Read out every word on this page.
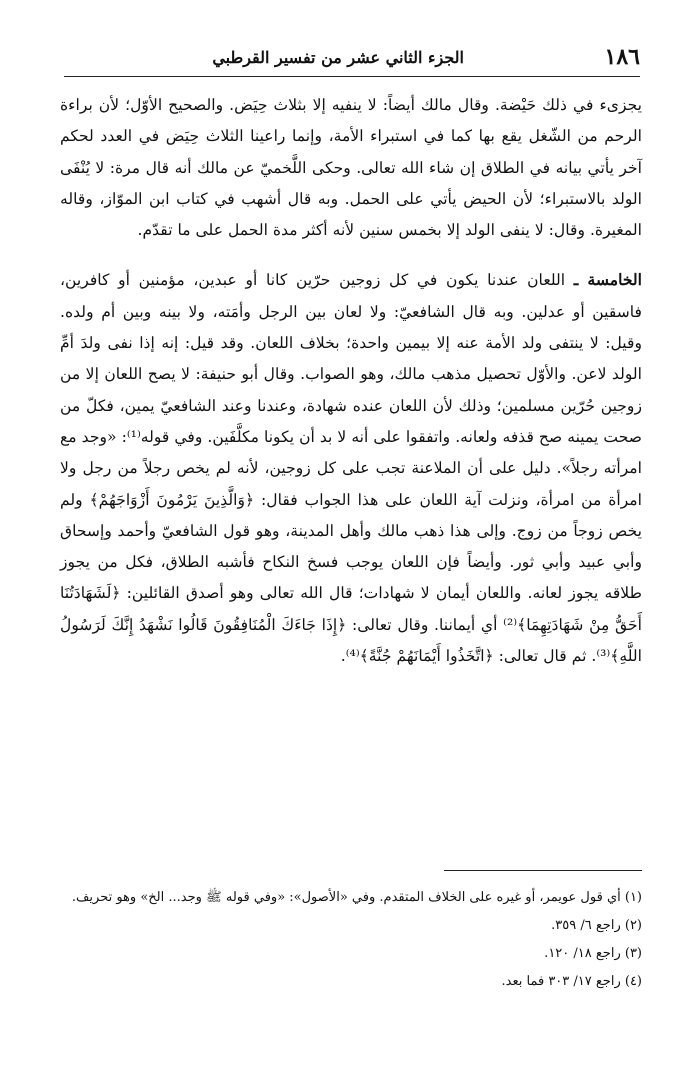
١٨٦
الجزء الثاني عشر من تفسير القرطبي

يجزىء في ذلك حَيْضة. وقال مالك أيضاً: لا ينفيه إلا بثلاث حِيَض. والصحيح الأوّل؛ لأن براءة الرحم من الشّغل يقع بها كما في استبراء الأمة، وإنما راعينا الثلاث حِيَض في العدد لحكم آخر يأتي بيانه في الطلاق إن شاء الله تعالى. وحكى اللَّخميّ عن مالك أنه قال مرة: لا يُنْفَى الولد بالاستبراء؛ لأن الحيض يأتي على الحمل. وبه قال أشهب في كتاب ابن الموّاز، وقاله المغيرة. وقال: لا ينفى الولد إلا بخمس سنين لأنه أكثر مدة الحمل على ما تقدّم.

الخامسة ـ اللعان عندنا يكون في كل زوجين حرّين كانا أو عبدين، مؤمنين أو كافرين، فاسقين أو عدلين. وبه قال الشافعيّ: ولا لعان بين الرجل وأمَته، ولا بينه وبين أم ولده. وقيل: لا ينتفى ولد الأمة عنه إلا بيمين واحدة؛ بخلاف اللعان. وقد قيل: إنه إذا نفى ولدَ أمِّ الولد لاعن. والأوّل تحصيل مذهب مالك، وهو الصواب. وقال أبو حنيفة: لا يصح اللعان إلا من زوجين حُرّين مسلمين؛ وذلك لأن اللعان عنده شهادة، وعندنا وعند الشافعيّ يمين، فكلّ من صحت يمينه صح قذفه ولعانه. واتفقوا على أنه لا بد أن يكونا مكلَّفَين. وفي قوله⁽¹⁾: «وجد مع امرأته رجلاً». دليل على أن الملاعنة تجب على كل زوجين، لأنه لم يخص رجلاً من رجل ولا امرأة من امرأة، ونزلت آية اللعان على هذا الجواب فقال: ﴿وَالَّذِينَ يَرْمُونَ أَزْوَاجَهُمْ﴾ ولم يخص زوجاً من زوج. وإلى هذا ذهب مالك وأهل المدينة، وهو قول الشافعيّ وأحمد وإسحاق وأبي عبيد وأبي ثور. وأيضاً فإن اللعان يوجب فسخ النكاح فأشبه الطلاق، فكل من يجوز طلاقه يجوز لعانه. واللعان أيمان لا شهادات؛ قال الله تعالى وهو أصدق القائلين: ﴿لَشَهَادَتُنَا أَحَقُّ مِنْ شَهَادَتِهِمَا﴾⁽²⁾ أي أيماننا. وقال تعالى: ﴿إِذَا جَاءَكَ الْمُنَافِقُونَ قَالُوا نَشْهَدُ إِنَّكَ لَرَسُولُ اللَّهِ﴾⁽³⁾. ثم قال تعالى: ﴿اتَّخَذُوا أَيْمَانَهُمْ جُنَّةً﴾⁽⁴⁾.

(١) أي قول عويمر، أو غيره على الخلاف المتقدم. وفي «الأصول»: «وفي قوله ﷺ وجد... الخ» وهو تحريف.

(٢) راجع ٦/ ٣٥٩.

(٣) راجع ١٨/ ١٢٠.

(٤) راجع ١٧/ ٣٠٣ فما بعد.
